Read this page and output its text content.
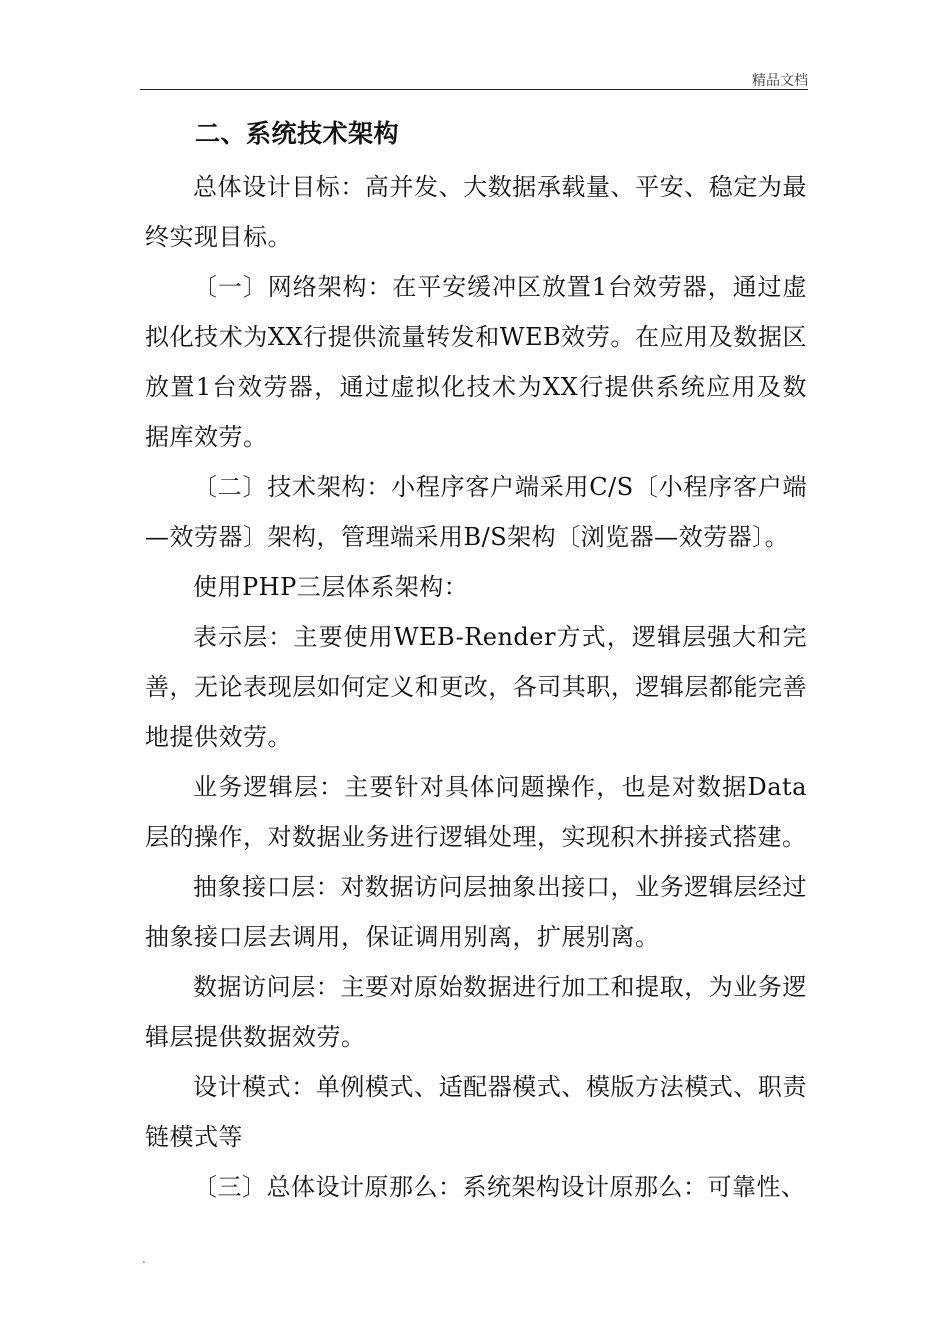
精品文档

二、系统技术架构

总体设计目标：高并发、大数据承载量、平安、稳定为最终实现目标。

〔一〕网络架构：在平安缓冲区放置1台效劳器，通过虚拟化技术为XX行提供流量转发和WEB效劳。在应用及数据区放置1台效劳器，通过虚拟化技术为XX行提供系统应用及数据库效劳。

〔二〕技术架构：小程序客户端采用C/S〔小程序客户端—效劳器〕架构，管理端采用B/S架构〔浏览器—效劳器〕。

使用PHP三层体系架构：

表示层：主要使用WEB-Render方式，逻辑层强大和完善，无论表现层如何定义和更改，各司其职，逻辑层都能完善地提供效劳。

业务逻辑层：主要针对具体问题操作，也是对数据Data层的操作，对数据业务进行逻辑处理，实现积木拼接式搭建。

抽象接口层：对数据访问层抽象出接口，业务逻辑层经过抽象接口层去调用，保证调用别离，扩展别离。

数据访问层：主要对原始数据进行加工和提取，为业务逻辑层提供数据效劳。

设计模式：单例模式、适配器模式、模版方法模式、职责链模式等

〔三〕总体设计原那么：系统架构设计原那么：可靠性、

.
